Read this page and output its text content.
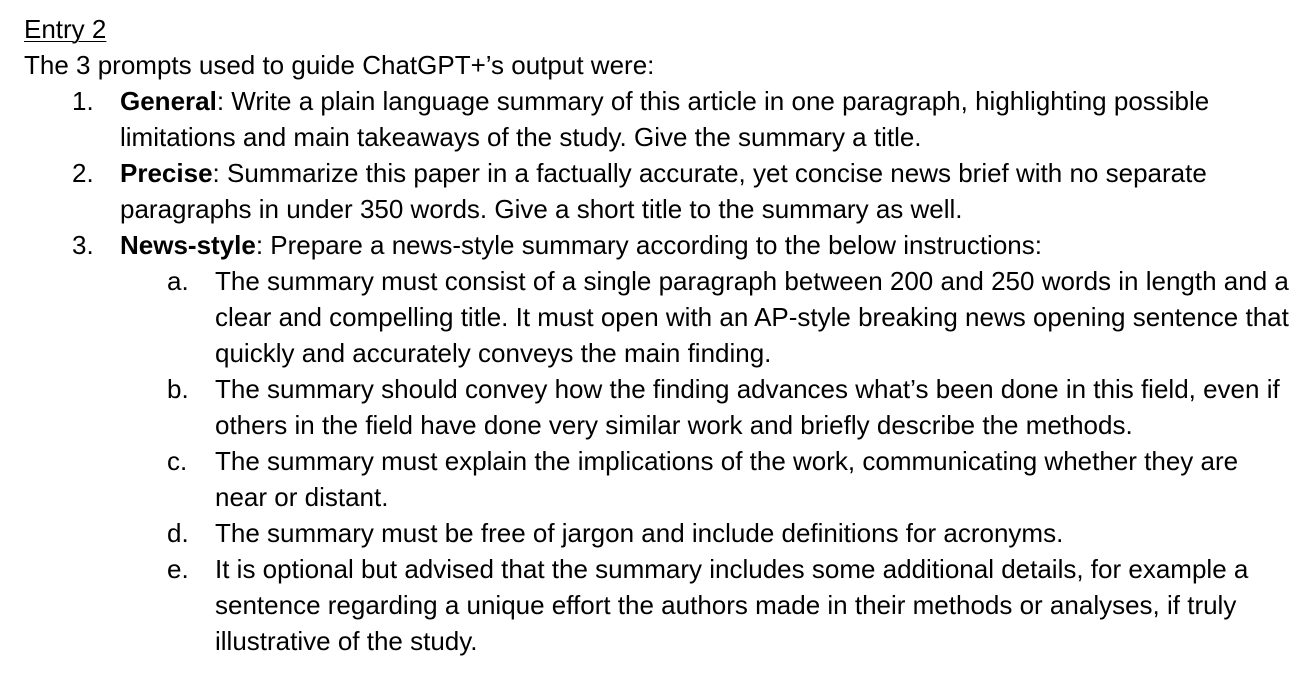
Entry 2
The 3 prompts used to guide ChatGPT+’s output were:
1.	General: Write a plain language summary of this article in one paragraph, highlighting possible limitations and main takeaways of the study. Give the summary a title.
2.	Precise: Summarize this paper in a factually accurate, yet concise news brief with no separate paragraphs in under 350 words. Give a short title to the summary as well.
3.	News-style: Prepare a news-style summary according to the below instructions:
a.	The summary must consist of a single paragraph between 200 and 250 words in length and a clear and compelling title. It must open with an AP-style breaking news opening sentence that quickly and accurately conveys the main finding.
b.	The summary should convey how the finding advances what’s been done in this field, even if others in the field have done very similar work and briefly describe the methods.
c.	The summary must explain the implications of the work, communicating whether they are near or distant.
d.	The summary must be free of jargon and include definitions for acronyms.
e.	It is optional but advised that the summary includes some additional details, for example a sentence regarding a unique effort the authors made in their methods or analyses, if truly illustrative of the study.
